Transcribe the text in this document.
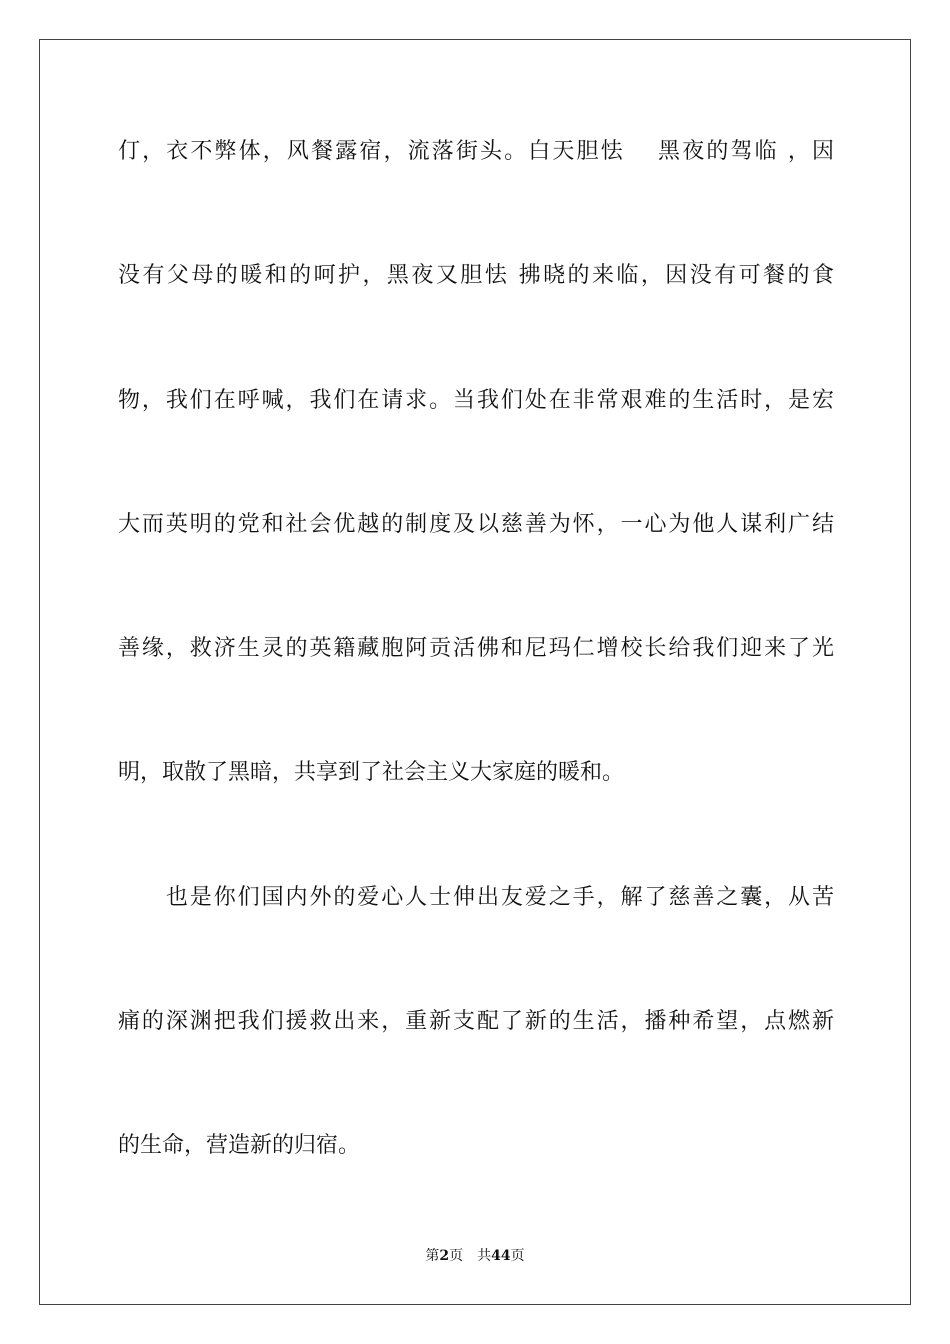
仃，衣不弊体，风餐露宿，流落街头。白天胆怯　 黑夜的驾临 ，因
没有父母的暖和的呵护，黑夜又胆怯 拂晓的来临，因没有可餐的食
物，我们在呼喊，我们在请求。当我们处在非常艰难的生活时，是宏
大而英明的党和社会优越的制度及以慈善为怀，一心为他人谋利广结
善缘，救济生灵的英籍藏胞阿贡活佛和尼玛仁增校长给我们迎来了光
明，取散了黑暗，共享到了社会主义大家庭的暖和。
　　也是你们国内外的爱心人士伸出友爱之手，解了慈善之囊，从苦
痛的深渊把我们援救出来，重新支配了新的生活，播种希望，点燃新
的生命，营造新的归宿。
第2页 共44页
